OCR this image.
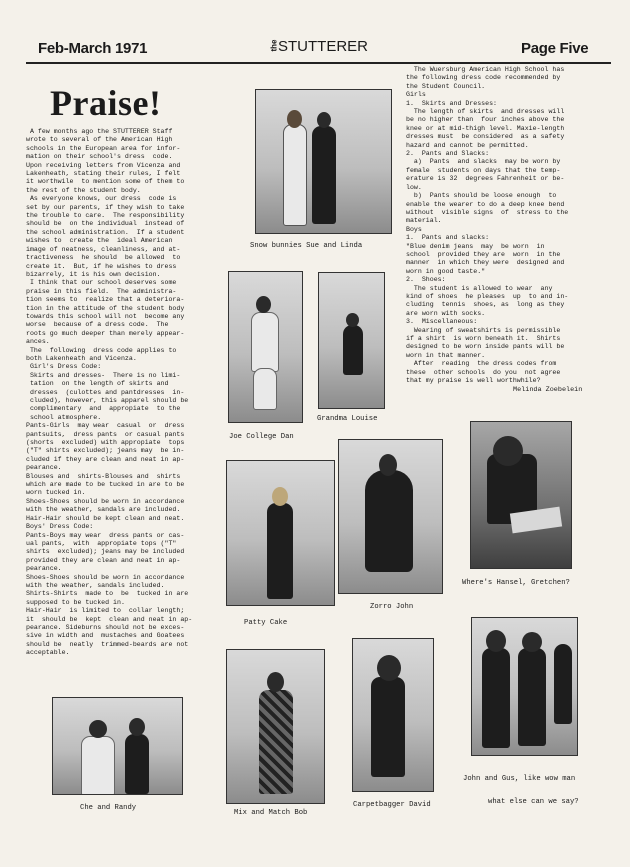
Feb-March 1971	theSTUTTERER	Page Five
Praise!
A few months ago the STUTTERER Staff
wrote to several of the American High
schools in the European area for infor-
mation on their school's dress  code.
Upon receiving letters from Vicenza and
Lakenheath, stating their rules, I felt
it worthwile  to mention some of them to
the rest of the student body.
As everyone knows, our dress  code is
set by our parents, if they wish to take
the trouble to care.  The responsibility
should be  on the individual  instead of
the school administration.  If a student
wishes to  create the  ideal American
image of neatness, cleanliness, and at-
tractiveness  he should  be allowed  to
create it.  But, if he wishes to dress
bizarrely, it is his own decision.
I think that our school deserves some
praise in this field.  The administra-
tion seems to  realize that a deteriora-
tion in the attitude of the student body
towards this school will not  become any
worse  because of a dress code.  The
roots go much deeper than merely appear-
ances.
The  following  dress code applies to
both Lakenheath and Vicenza.
Girl's Dress Code:
Skirts and dresses-  There is no limi-
tation  on the length of skirts and
dresses  (culottes and pantdresses  in-
cluded), however, this apparel should be
complimentary  and  appropiate  to the
school atmosphere.
Pants-Girls  may wear  casual  or  dress
pantsuits,  dress pants  or casual pants
(shorts  excluded) with appropiate  tops
("T" shirts excluded); jeans may  be in-
cluded if they are clean and neat in ap-
pearance.
Blouses and  shirts-Blouses and  shirts
which are made to be tucked in are to be
worn tucked in.
Shoes-Shoes should be worn in accordance
with the weather, sandals are included.
Hair-Hair should be kept clean and neat.
Boys' Dress Code:
Pants-Boys may wear  dress pants or cas-
ual pants,  with  appropiate tops ("T"
shirts  excluded); jeans may be included
provided they are clean and neat in ap-
pearance.
Shoes-Shoes should be worn in accordance
with the weather, sandals included.
Shirts-Shirts  made to  be  tucked in are
supposed to be tucked in.
Hair-Hair  is limited to  collar length;
it  should be  kept  clean and neat in ap-
pearance. Sideburns should not be exces-
sive in width and  mustaches and Goatees
should be  neatly  trimmed-beards are not
acceptable.
The Wuersburg American High School has
the following dress code recommended by
the Student Council.
Girls
1.  Skirts and Dresses:
The length of skirts  and dresses will
be no higher than  four inches above the
knee or at mid-thigh level. Maxie-length
dresses must  be considered  as a safety
hazard and cannot be permitted.
2.  Pants and Slacks:
a)  Pants  and slacks  may be worn by
female  students on days that the temp-
erature is 32  degrees Fahrenheit or be-
low.
b)  Pants should be loose enough  to
enable the wearer to do a deep knee bend
without  visible signs  of  stress to the
material.
Boys
1.  Pants and slacks:
"Blue denim jeans  may  be worn  in
school  provided they are  worn  in the
manner  in which they were  designed and
worn in good taste."
2.  Shoes:
The student is allowed to wear  any
kind of shoes  he pleases  up  to and in-
cluding  tennis  shoes, as  long as they
are worn with socks.
3.  Miscellaneous:
Wearing of sweatshirts is permissible
if a shirt  is worn beneath it.  Shirts
designed to be worn inside pants will be
worn in that manner.
After  reading  the dress codes from
these  other schools  do you  not agree
that my praise is well worthwhile?
Melinda Zoebelein
Snow bunnies Sue and Linda
Joe College Dan
Grandma Louise
Patty Cake
Zorro John
Where's Hansel, Gretchen?
Che and Randy
Mix and Match Bob
Carpetbagger David
John and Gus, like wow man
what else can we say?
